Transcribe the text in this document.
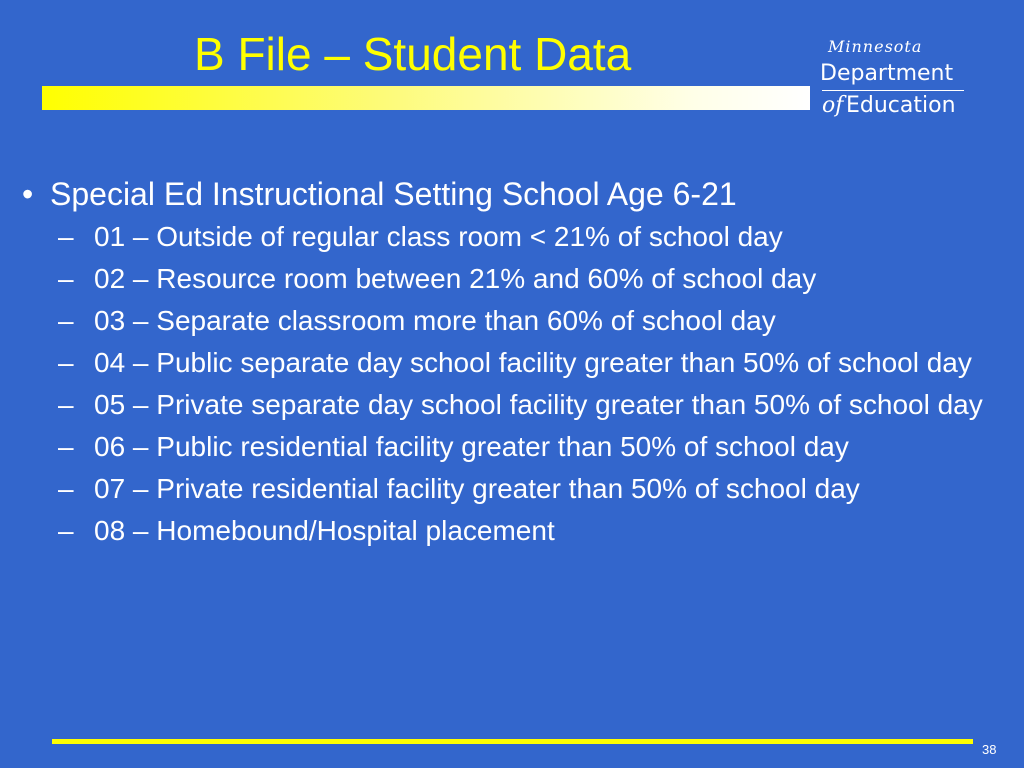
B File – Student Data	Minnesota
Department
of Education
• Special Ed Instructional Setting School Age 6-21
– 01 – Outside of regular class room < 21% of school day
– 02 – Resource room between 21% and 60% of school day
– 03 – Separate classroom more than 60% of school day
– 04 – Public separate day school facility greater than 50% of school day
– 05 – Private separate day school facility greater than 50% of school day
– 06 – Public residential facility greater than 50% of school day
– 07 – Private residential facility greater than 50% of school day
– 08 – Homebound/Hospital placement
38
